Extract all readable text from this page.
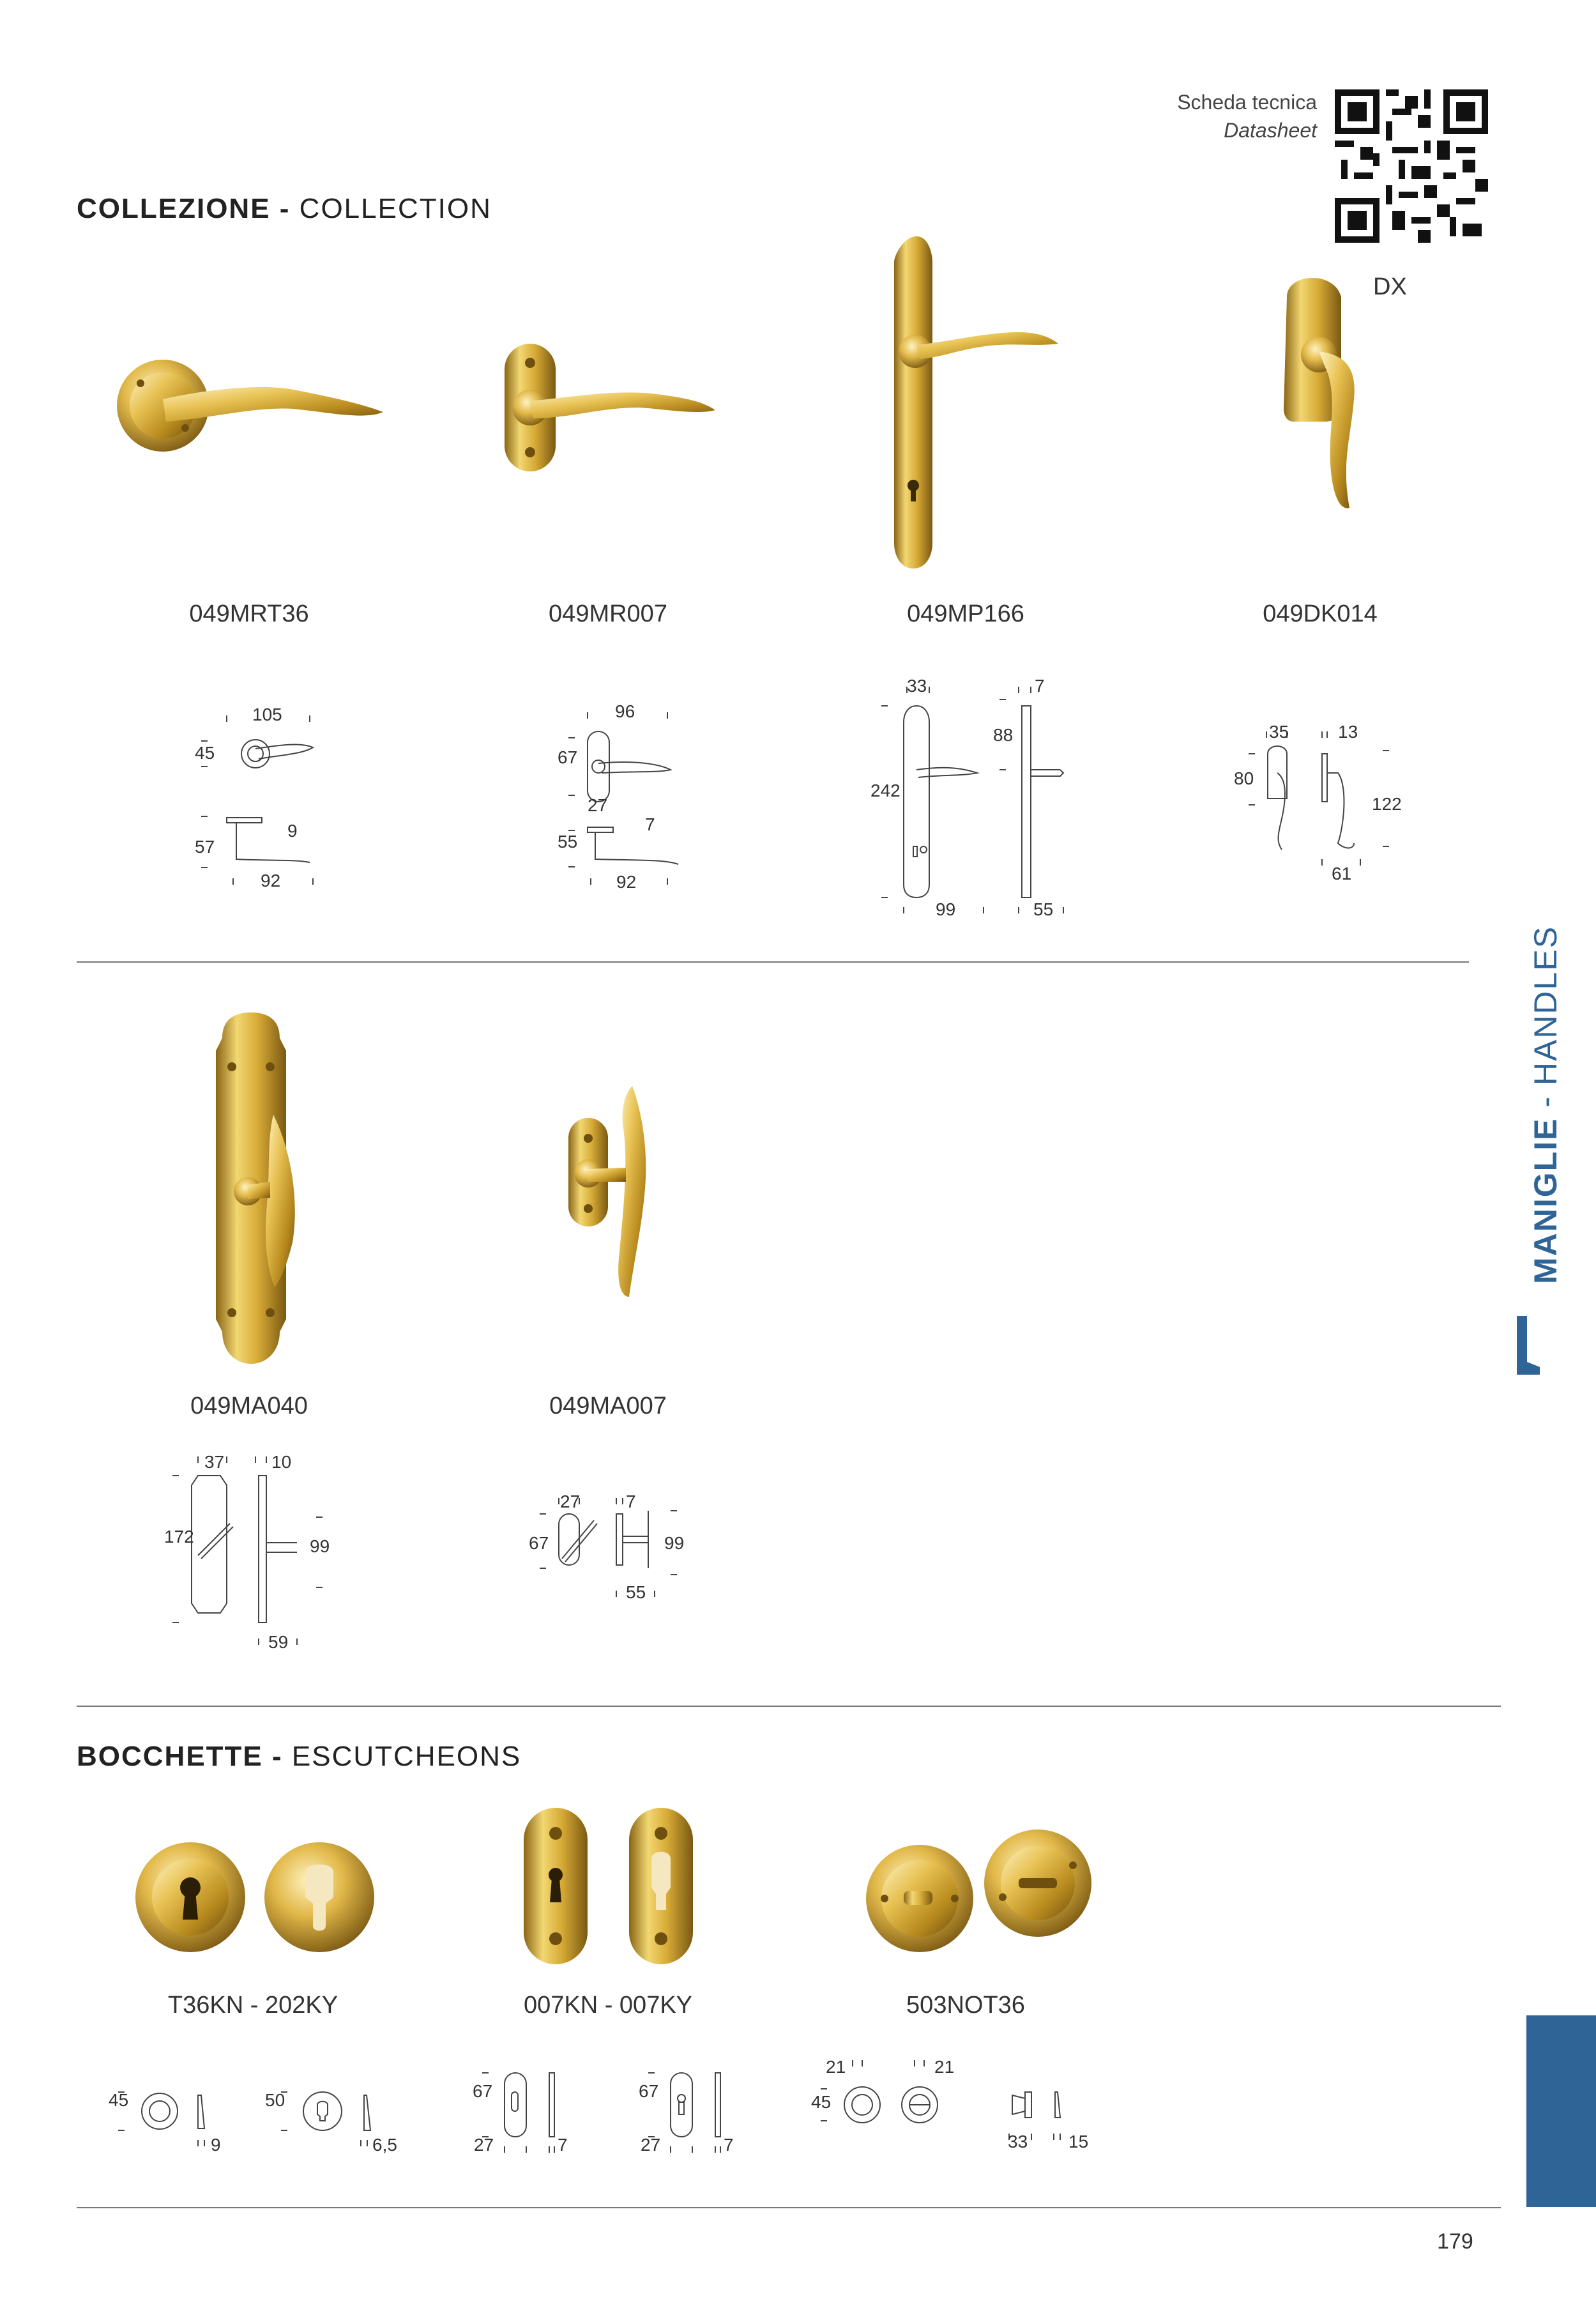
Scheda tecnica
Datasheet
COLLEZIONE - COLLECTION
049MRT36	049MR007	049MP166
DX
049DK014
105
45
9
57
92
96
67
27
7
55
92
33	7
88
242
99	55
35	13
80
122
61
049MA040	049MA007
37	10
172	99
59
27	7
67	99
55
BOCCHETTE - ESCUTCHEONS
T36KN - 202KY	007KN - 007KY	503NOT36
45
9
50
6,5
67
27	7
67
27	7
21	21
45
33 15
MANIGLIE - HANDLES
179
